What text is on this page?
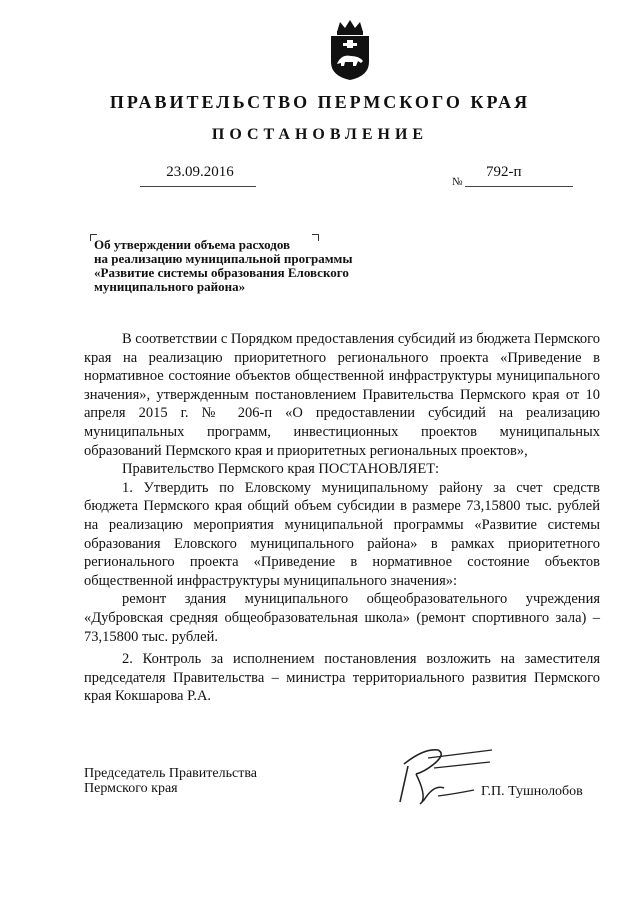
ПРАВИТЕЛЬСТВО ПЕРМСКОГО КРАЯ
ПОСТАНОВЛЕНИЕ
23.09.2016
№
792-п
Об утверждении объема расходов
на реализацию муниципальной программы
«Развитие системы образования Еловского
муниципального района»

В соответствии с Порядком предоставления субсидий из бюджета Пермского края на реализацию приоритетного регионального проекта «Приведение в нормативное состояние объектов общественной инфраструктуры муниципального значения», утвержденным постановлением Правительства Пермского края от 10 апреля 2015 г. № 206-п «О предоставлении субсидий на реализацию муниципальных программ, инвестиционных проектов муниципальных образований Пермского края и приоритетных региональных проектов»,

Правительство Пермского края ПОСТАНОВЛЯЕТ:

1. Утвердить по Еловскому муниципальному району за счет средств бюджета Пермского края общий объем субсидии в размере 73,15800 тыс. рублей на реализацию мероприятия муниципальной программы «Развитие системы образования Еловского муниципального района» в рамках приоритетного регионального проекта «Приведение в нормативное состояние объектов общественной инфраструктуры муниципального значения»:

ремонт здания муниципального общеобразовательного учреждения «Дубровская средняя общеобразовательная школа» (ремонт спортивного зала) – 73,15800 тыс. рублей.

2. Контроль за исполнением постановления возложить на заместителя председателя Правительства – министра территориального развития Пермского края Кокшарова Р.А.

Председатель Правительства
Пермского края	Г.П. Тушнолобов
